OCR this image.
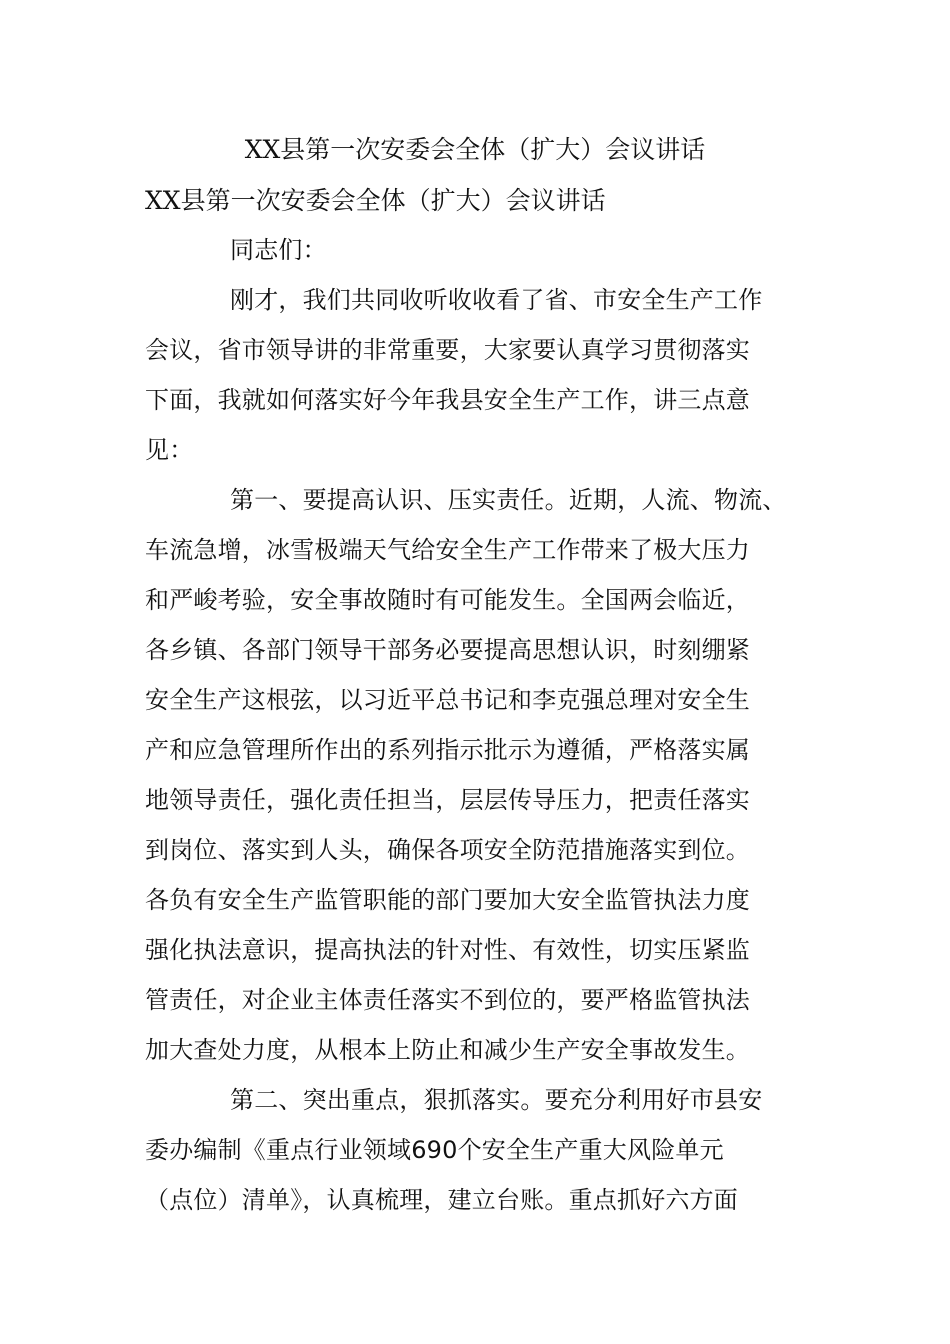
XX县第一次安委会全体（扩大）会议讲话
XX县第一次安委会全体（扩大）会议讲话
同志们：
刚才，我们共同收听收收看了省、市安全生产工作
会议，省市领导讲的非常重要，大家要认真学习贯彻落实
下面，我就如何落实好今年我县安全生产工作，讲三点意
见：
第一、要提高认识、压实责任。近期，人流、物流、
车流急增，冰雪极端天气给安全生产工作带来了极大压力
和严峻考验，安全事故随时有可能发生。全国两会临近，
各乡镇、各部门领导干部务必要提高思想认识，时刻绷紧
安全生产这根弦，以习近平总书记和李克强总理对安全生
产和应急管理所作出的系列指示批示为遵循，严格落实属
地领导责任，强化责任担当，层层传导压力，把责任落实
到岗位、落实到人头，确保各项安全防范措施落实到位。
各负有安全生产监管职能的部门要加大安全监管执法力度
强化执法意识，提高执法的针对性、有效性，切实压紧监
管责任，对企业主体责任落实不到位的，要严格监管执法
加大查处力度，从根本上防止和减少生产安全事故发生。
第二、突出重点，狠抓落实。要充分利用好市县安
委办编制《重点行业领域690个安全生产重大风险单元
（点位）清单》，认真梳理，建立台账。重点抓好六方面
